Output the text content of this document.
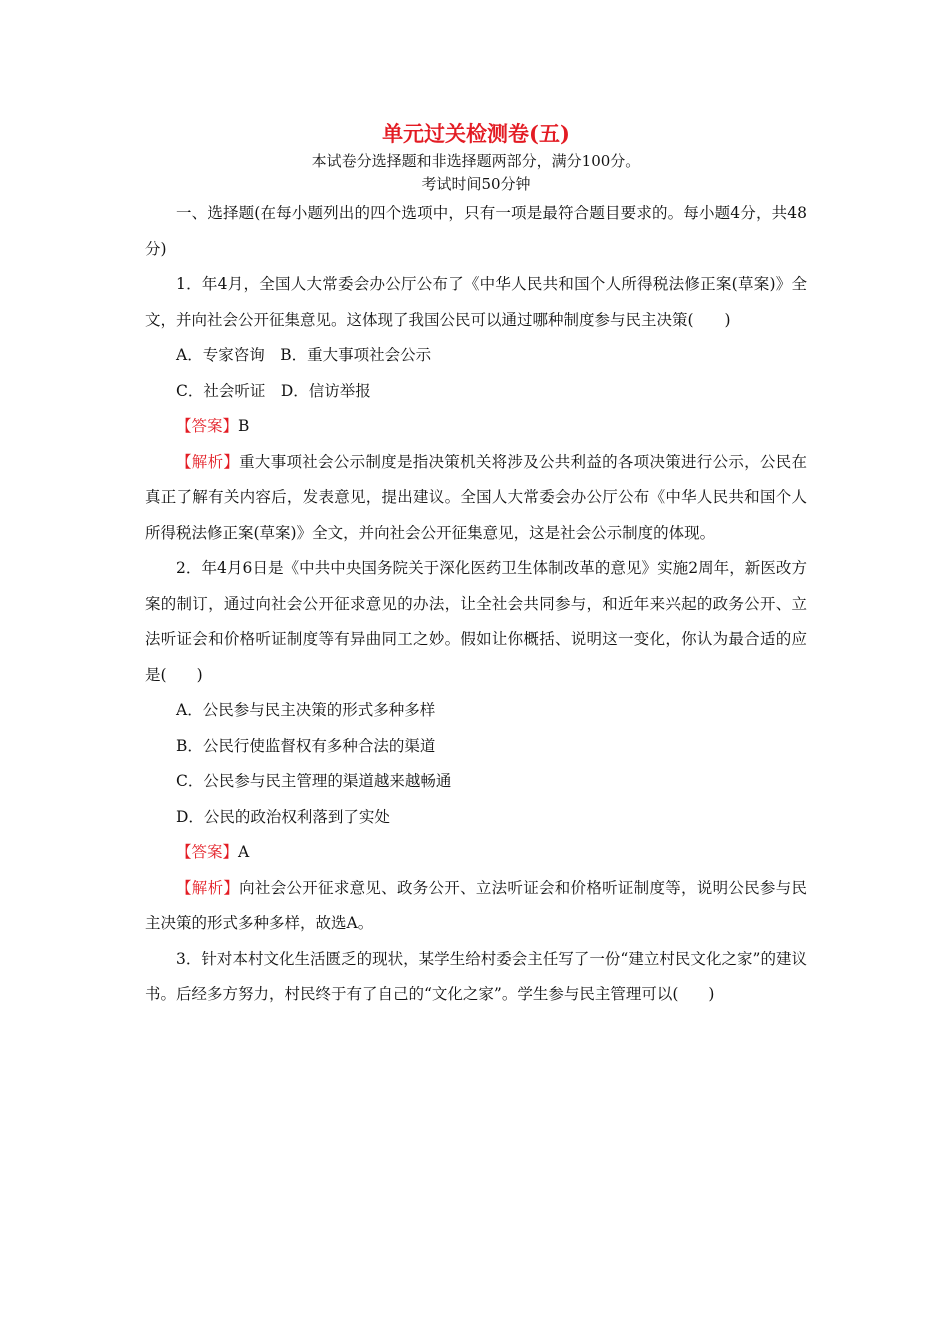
单元过关检测卷(五)

本试卷分选择题和非选择题两部分，满分100分。

考试时间50分钟

一、选择题(在每小题列出的四个选项中，只有一项是最符合题目要求的。每小题4分，共48分)

1．年4月，全国人大常委会办公厅公布了《中华人民共和国个人所得税法修正案(草案)》全文，并向社会公开征集意见。这体现了我国公民可以通过哪种制度参与民主决策(　　)

A．专家咨询　B．重大事项社会公示

C．社会听证　D．信访举报

【答案】B

【解析】重大事项社会公示制度是指决策机关将涉及公共利益的各项决策进行公示，公民在真正了解有关内容后，发表意见，提出建议。全国人大常委会办公厅公布《中华人民共和国个人所得税法修正案(草案)》全文，并向社会公开征集意见，这是社会公示制度的体现。

2．年4月6日是《中共中央国务院关于深化医药卫生体制改革的意见》实施2周年，新医改方案的制订，通过向社会公开征求意见的办法，让全社会共同参与，和近年来兴起的政务公开、立法听证会和价格听证制度等有异曲同工之妙。假如让你概括、说明这一变化，你认为最合适的应是( )

A．公民参与民主决策的形式多种多样

B．公民行使监督权有多种合法的渠道

C．公民参与民主管理的渠道越来越畅通

D．公民的政治权利落到了实处

【答案】A

【解析】向社会公开征求意见、政务公开、立法听证会和价格听证制度等，说明公民参与民主决策的形式多种多样，故选A。

3．针对本村文化生活匮乏的现状，某学生给村委会主任写了一份“建立村民文化之家”的建议书。后经多方努力，村民终于有了自己的“文化之家”。学生参与民主管理可以( )
